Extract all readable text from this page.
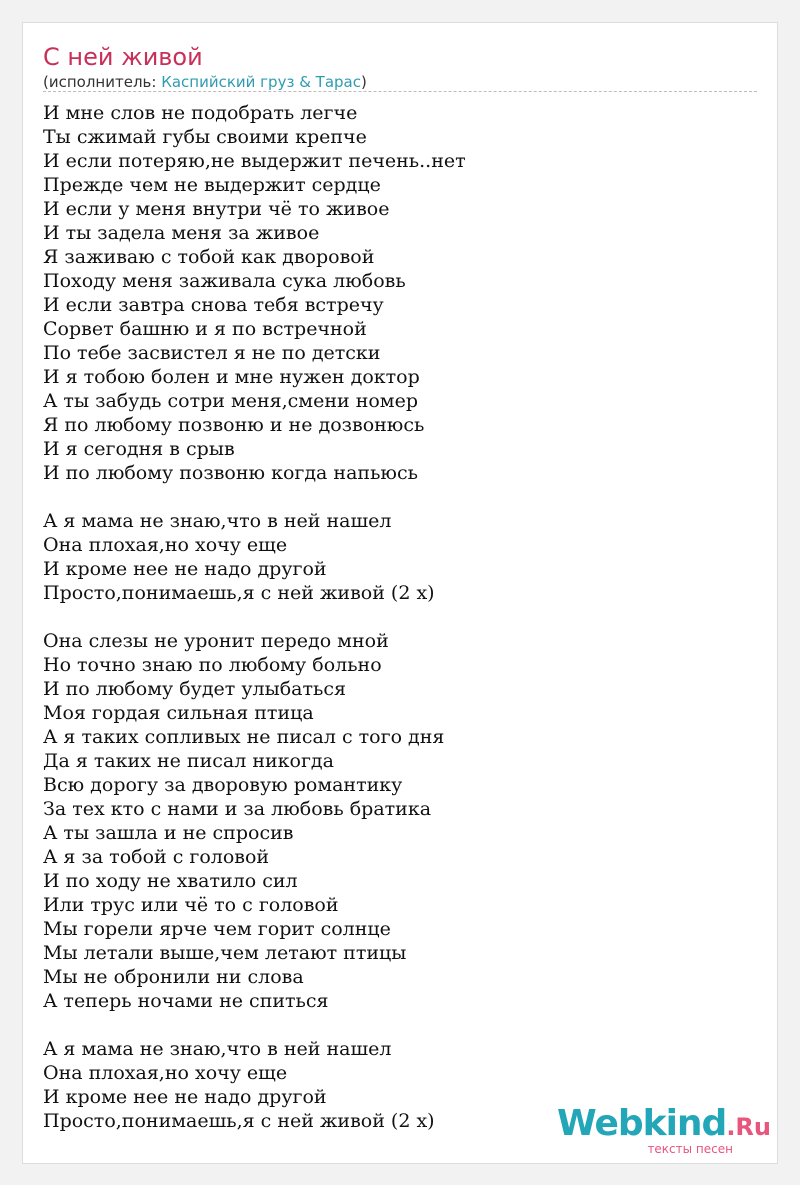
С ней живой
(исполнитель: Каспийский груз & Тарас)
И мне слов не подобрать легче
Ты сжимай губы своими крепче
И если потеряю,не выдержит печень..нет
Прежде чем не выдержит сердце
И если у меня внутри чё то живое
И ты задела меня за живое
Я заживаю с тобой как дворовой
Походу меня заживала сука любовь
И если завтра снова тебя встречу
Сорвет башню и я по встречной
По тебе засвистел я не по детски
И я тобою болен и мне нужен доктор
А ты забудь сотри меня,смени номер
Я по любому позвоню и не дозвонюсь
И я сегодня в срыв
И по любому позвоню когда напьюсь

А я мама не знаю,что в ней нашел
Она плохая,но хочу еще
И кроме нее не надо другой
Просто,понимаешь,я с ней живой (2 х)

Она слезы не уронит передо мной
Но точно знаю по любому больно
И по любому будет улыбаться
Моя гордая сильная птица
А я таких сопливых не писал с того дня
Да я таких не писал никогда
Всю дорогу за дворовую романтику
За тех кто с нами и за любовь братика
А ты зашла и не спросив
А я за тобой с головой
И по ходу не хватило сил
Или трус или чё то с головой
Мы горели ярче чем горит солнце
Мы летали выше,чем летают птицы
Мы не обронили ни слова
А теперь ночами не спиться

А я мама не знаю,что в ней нашел
Она плохая,но хочу еще
И кроме нее не надо другой
Просто,понимаешь,я с ней живой (2 х)	Webkind.Ru
тексты песен
